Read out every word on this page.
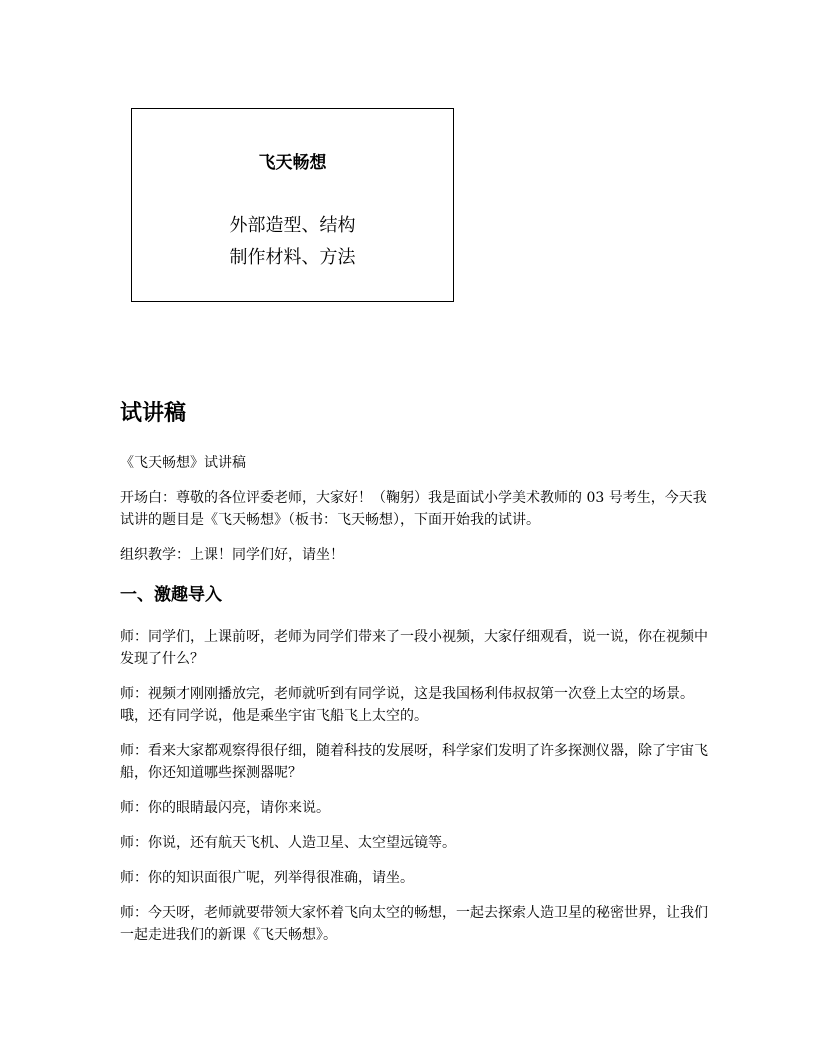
飞天畅想
外部造型、结构
制作材料、方法
试讲稿

《飞天畅想》试讲稿

开场白：尊敬的各位评委老师，大家好！（鞠躬）我是面试小学美术教师的 03 号考生，今天我试讲的题目是《飞天畅想》（板书：飞天畅想），下面开始我的试讲。

组织教学：上课！同学们好，请坐！

一、激趣导入

师：同学们，上课前呀，老师为同学们带来了一段小视频，大家仔细观看，说一说，你在视频中发现了什么？

师：视频才刚刚播放完，老师就听到有同学说，这是我国杨利伟叔叔第一次登上太空的场景。哦，还有同学说，他是乘坐宇宙飞船飞上太空的。

师：看来大家都观察得很仔细，随着科技的发展呀，科学家们发明了许多探测仪器，除了宇宙飞船，你还知道哪些探测器呢？

师：你的眼睛最闪亮，请你来说。

师：你说，还有航天飞机、人造卫星、太空望远镜等。

师：你的知识面很广呢，列举得很准确，请坐。

师：今天呀，老师就要带领大家怀着飞向太空的畅想，一起去探索人造卫星的秘密世界，让我们一起走进我们的新课《飞天畅想》。
